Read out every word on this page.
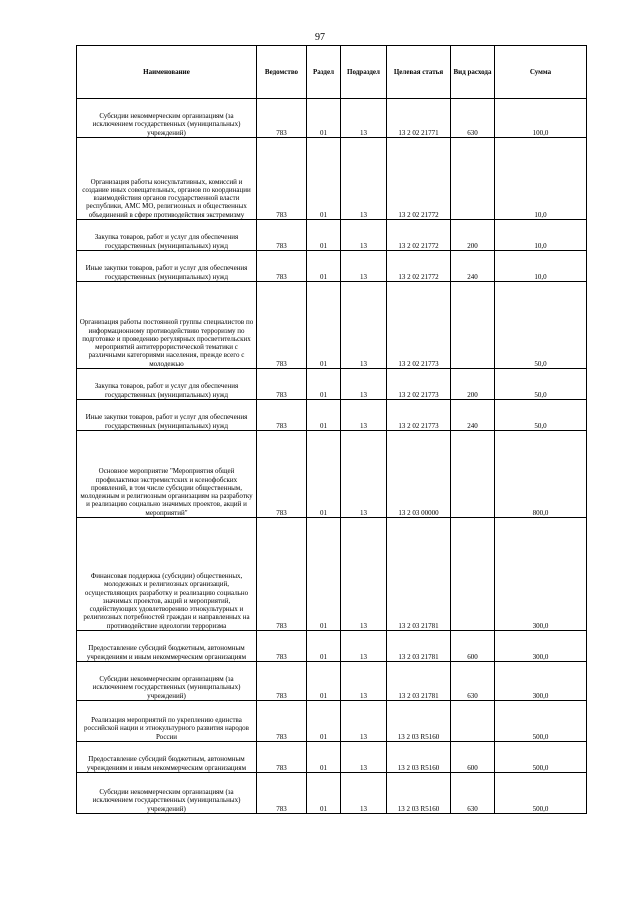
97
Наименование	Ведомство	Раздел	Подраздел	Целевая статья	Вид расхода	Сумма

Субсидии некоммерческим организациям (за исключением государственных (муниципальных) учреждений)	783	01	13	13 2 02 21771	630	100,0

Организация работы консультативных, комиссий и создание иных совещательных, органов по координации взаимодействия органов государственной власти республики, АМС МО, религиозных и общественных объединений в сфере противодействия экстремизму	783	01	13	13 2 02 21772		10,0

Закупка товаров, работ и услуг для обеспечения государственных (муниципальных) нужд	783	01	13	13 2 02 21772	200	10,0

Иные закупки товаров, работ и услуг для обеспечения государственных (муниципальных) нужд	783	01	13	13 2 02 21772	240	10,0

Организация работы постоянной группы специалистов по информационному противодействию терроризму по подготовке и проведению регулярных просветительских мероприятий антитеррористической тематики с различными категориями населения, прежде всего с молодежью	783	01	13	13 2 02 21773		50,0

Закупка товаров, работ и услуг для обеспечения государственных (муниципальных) нужд	783	01	13	13 2 02 21773	200	50,0

Иные закупки товаров, работ и услуг для обеспечения государственных (муниципальных) нужд	783	01	13	13 2 02 21773	240	50,0

Основное мероприятие "Мероприятия общей профилактики экстремистских и ксенофобских проявлений, в том числе субсидии общественным, молодежным и религиозным организациям на разработку и реализацию социально значимых проектов, акций и мероприятий"	783	01	13	13 2 03 00000		800,0

Финансовая поддержка (субсидии) общественных, молодежных и религиозных организаций, осуществляющих разработку и реализацию социально значимых проектов, акций и мероприятий, содействующих удовлетворению этнокультурных и религиозных потребностей граждан и направленных на противодействие идеологии терроризма	783	01	13	13 2 03 21781		300,0

Предоставление субсидий бюджетным, автономным учреждениям и иным некоммерческим организациям	783	01	13	13 2 03 21781	600	300,0

Субсидии некоммерческим организациям (за исключением государственных (муниципальных) учреждений)	783	01	13	13 2 03 21781	630	300,0

Реализация мероприятий по укреплению единства российской нации и этнокультурного развития народов России	783	01	13	13 2 03 R5160		500,0

Предоставление субсидий бюджетным, автономным учреждениям и иным некоммерческим организациям	783	01	13	13 2 03 R5160	600	500,0

Субсидии некоммерческим организациям (за исключением государственных (муниципальных) учреждений)	783	01	13	13 2 03 R5160	630	500,0
